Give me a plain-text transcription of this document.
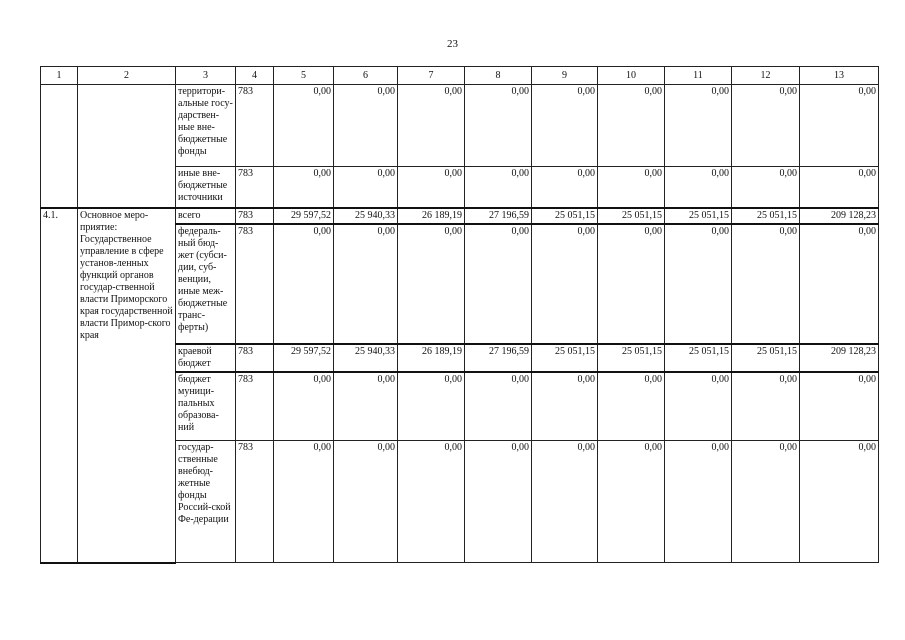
23
1	2	3	4	5	6	7	8	9	10	11	12	13
		территори-альные госу-дарствен-ные вне-бюджетные фонды	783	0,00	0,00	0,00	0,00	0,00	0,00	0,00	0,00	0,00
		иные вне-бюджетные источники	783	0,00	0,00	0,00	0,00	0,00	0,00	0,00	0,00	0,00
4.1.	Основное меро-приятие: Государственное управление в сфере установ-ленных функций органов государ-ственной власти Приморского края государственной власти Примор-ского края	всего	783	29 597,52	25 940,33	26 189,19	27 196,59	25 051,15	25 051,15	25 051,15	25 051,15	209 128,23
		федераль-ный бюд-жет (субси-дии, суб-венции, иные меж-бюджетные транс-ферты)	783	0,00	0,00	0,00	0,00	0,00	0,00	0,00	0,00	0,00
		краевой бюджет	783	29 597,52	25 940,33	26 189,19	27 196,59	25 051,15	25 051,15	25 051,15	25 051,15	209 128,23
		бюджет муници-пальных образова-ний	783	0,00	0,00	0,00	0,00	0,00	0,00	0,00	0,00	0,00
		государ-ственные внебюд-жетные фонды Россий-ской Фе-дерации	783	0,00	0,00	0,00	0,00	0,00	0,00	0,00	0,00	0,00
